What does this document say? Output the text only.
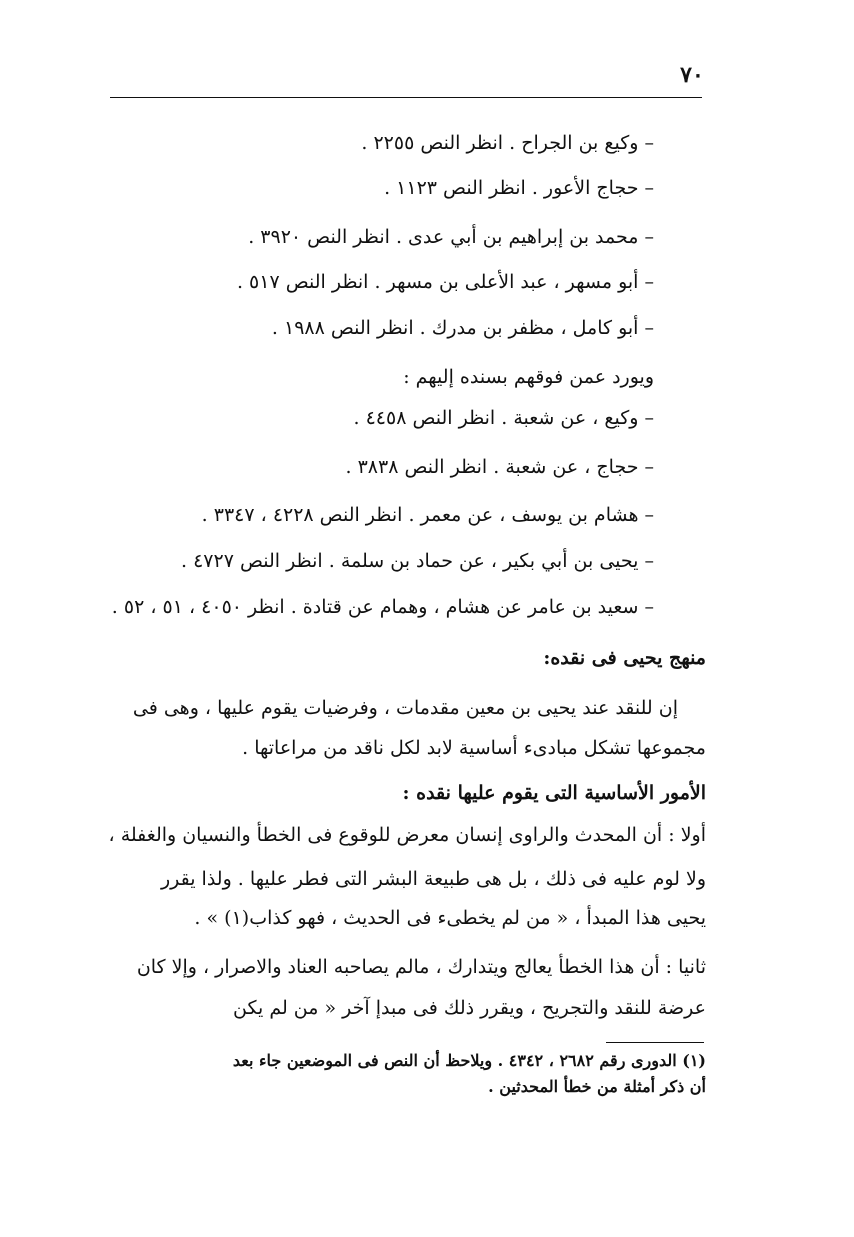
٧٠
– وكيع بن الجراح . انظر النص ٢٢٥٥ .
– حجاج الأعور . انظر النص ١١٢٣ .
– محمد بن إبراهيم بن أبي عدى . انظر النص ٣٩٢٠ .
– أبو مسهر ، عبد الأعلى بن مسهر . انظر النص ٥١٧ .
– أبو كامل ، مظفر بن مدرك . انظر النص ١٩٨٨ .
ويورد عمن فوقهم بسنده إليهم :
– وكيع ، عن شعبة . انظر النص ٤٤٥٨ .
– حجاج ، عن شعبة . انظر النص ٣٨٣٨ .
– هشام بن يوسف ، عن معمر . انظر النص ٤٢٢٨ ، ٣٣٤٧ .
– يحيى بن أبي بكير ، عن حماد بن سلمة . انظر النص ٤٧٢٧ .
– سعيد بن عامر عن هشام ، وهمام عن قتادة . انظر ٤٠٥٠ ، ٥١ ، ٥٢ .
منهج يحيى فى نقده:
إن للنقد عند يحيى بن معين مقدمات ، وفرضيات يقوم عليها ، وهى فى
مجموعها تشكل مبادىء أساسية لابد لكل ناقد من مراعاتها .
الأمور الأساسية التى يقوم عليها نقده :
أولا : أن المحدث والراوى إنسان معرض للوقوع فى الخطأ والنسيان والغفلة ،
ولا لوم عليه فى ذلك ، بل هى طبيعة البشر التى فطر عليها . ولذا يقرر
يحيى هذا المبدأ ، « من لم يخطىء فى الحديث ، فهو كذاب(١) » .
ثانيا : أن هذا الخطأ يعالج ويتدارك ، مالم يصاحبه العناد والاصرار ، وإلا كان
عرضة للنقد والتجريح ، ويقرر ذلك فى مبدإ آخر « من لم يكن
(١) الدورى رقم ٢٦٨٢ ، ٤٣٤٢ . ويلاحظ أن النص فى الموضعين جاء بعد
أن ذكر أمثلة من خطأ المحدثين .
